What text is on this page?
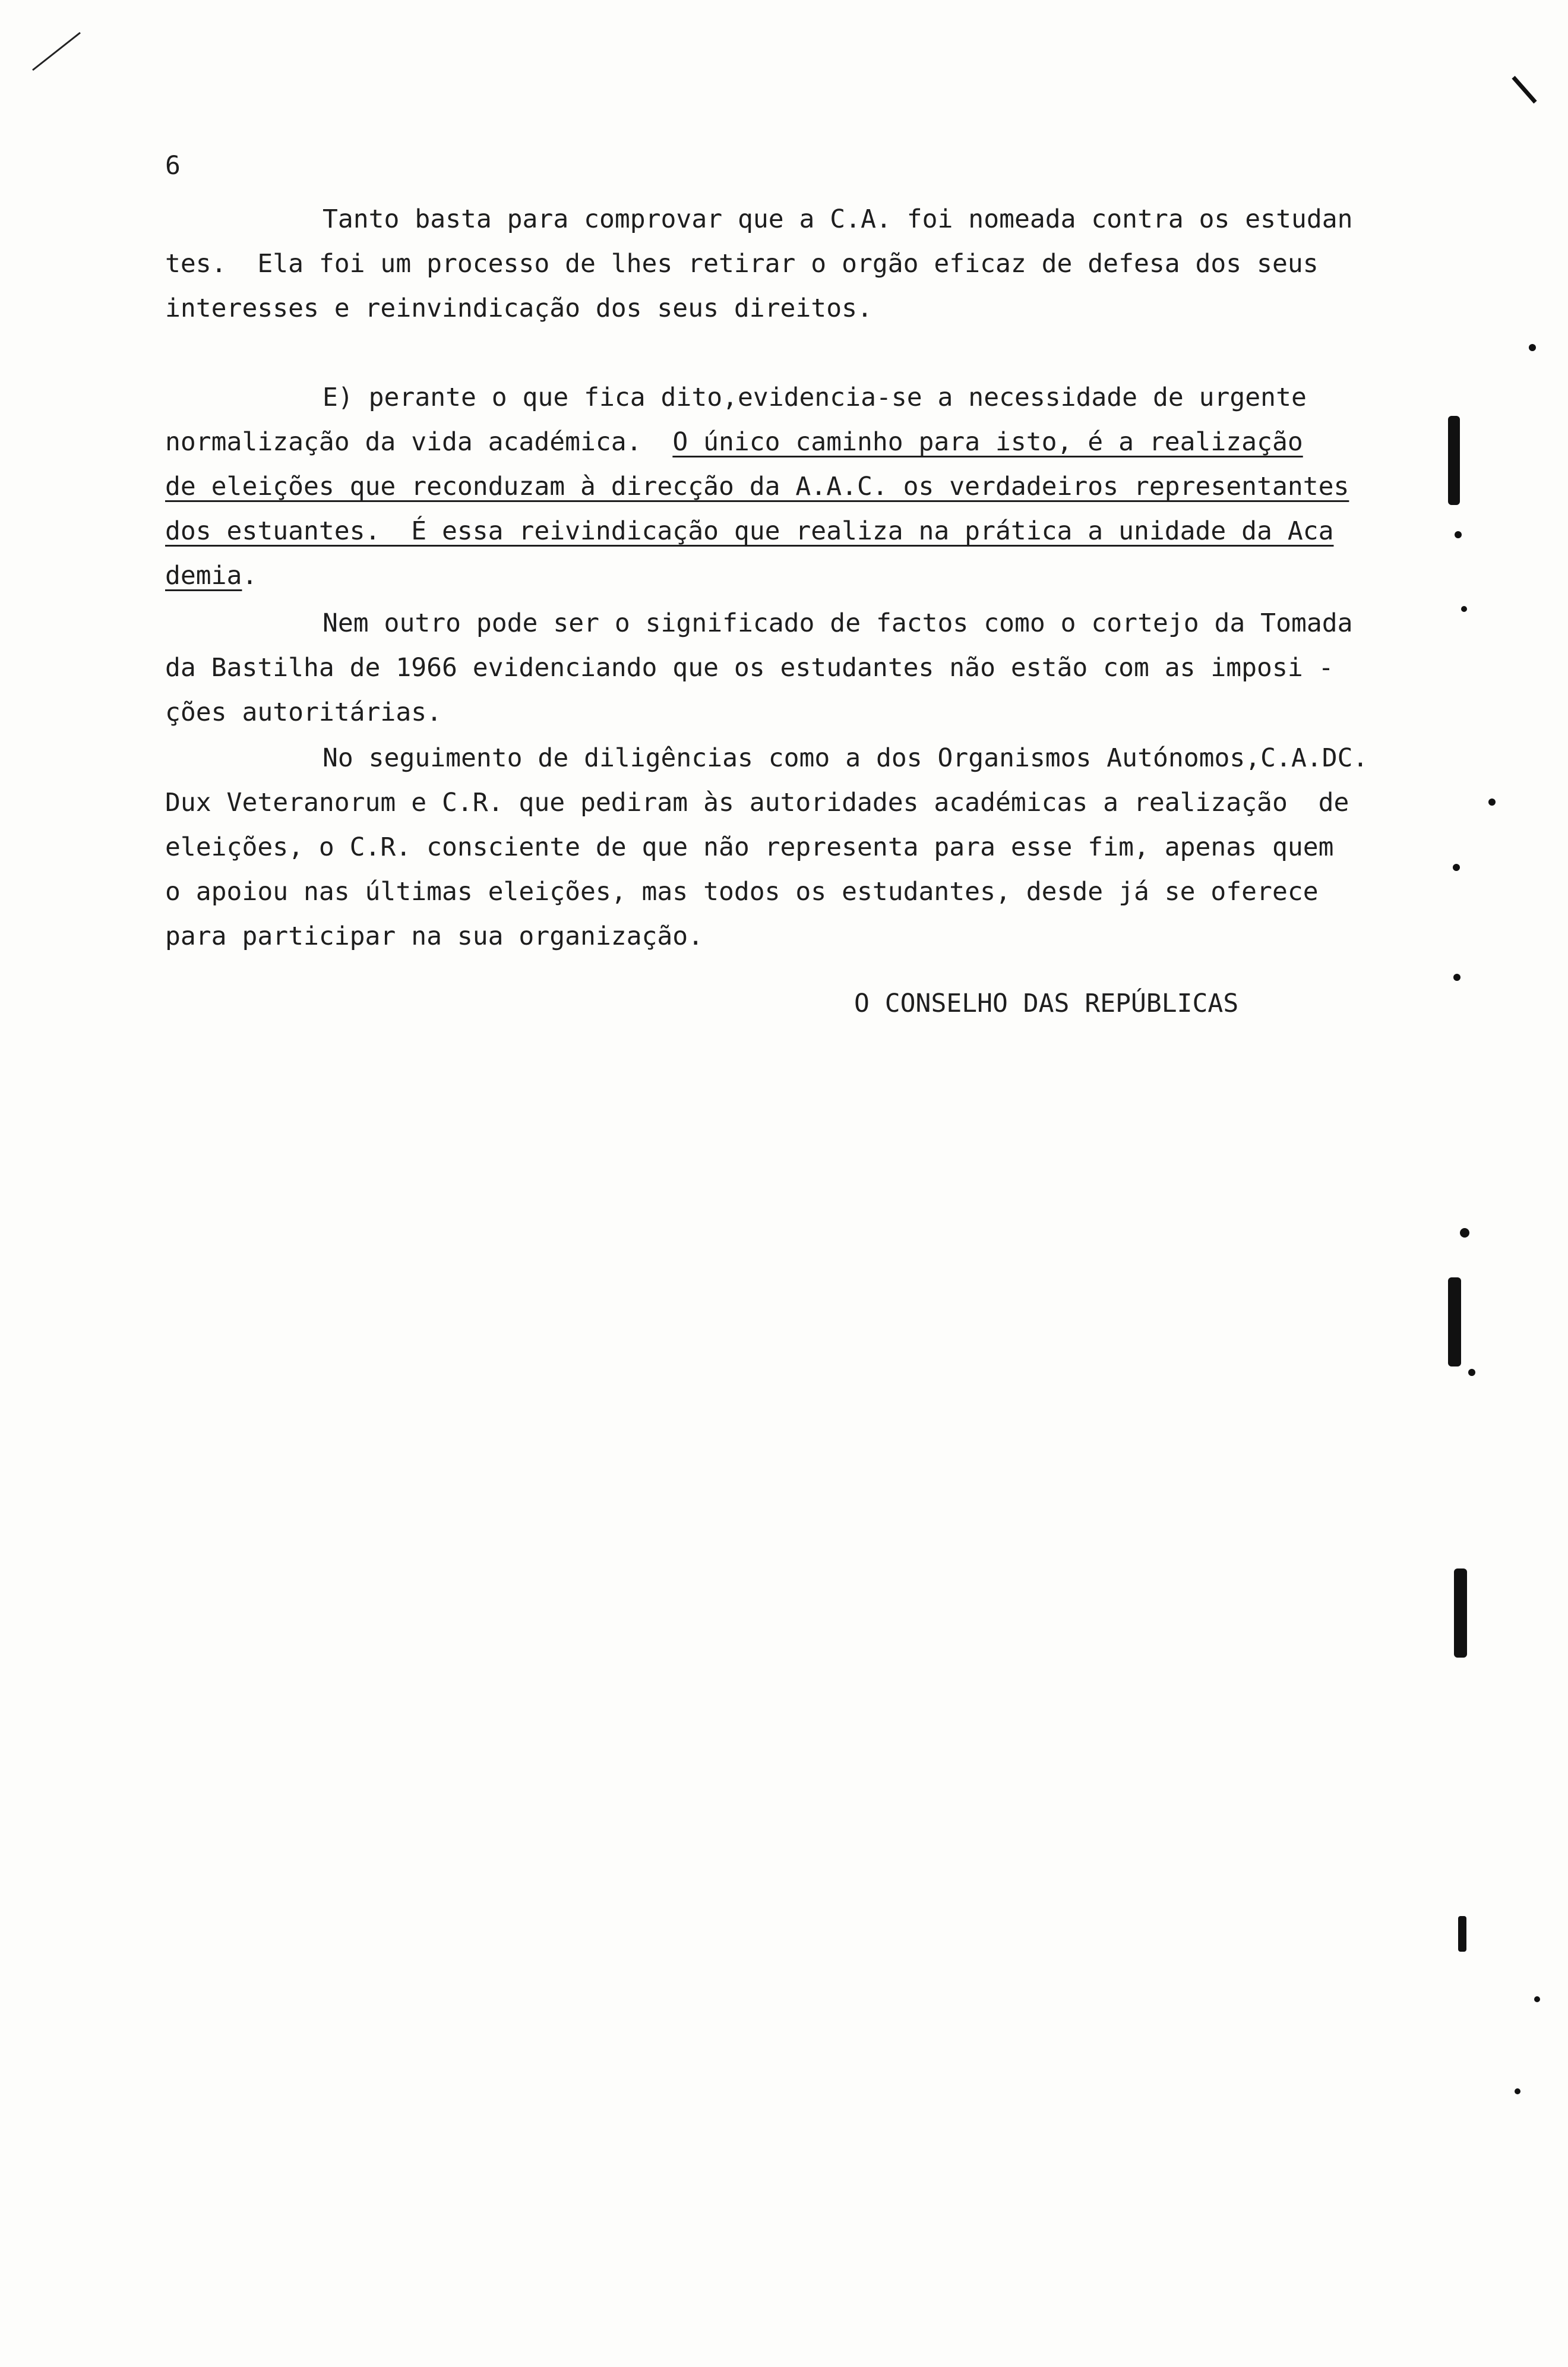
6
Tanto basta para comprovar que a C.A. foi nomeada contra os estudan
tes.  Ela foi um processo de lhes retirar o orgão eficaz de defesa dos seus
interesses e reinvindicação dos seus direitos.
E) perante o que fica dito,evidencia-se a necessidade de urgente
normalização da vida académica.  O único caminho para isto, é a realização
de eleições que reconduzam à direcção da A.A.C. os verdadeiros representantes
dos estuantes.  É essa reivindicação que realiza na prática a unidade da Aca
demia.
Nem outro pode ser o significado de factos como o cortejo da Tomada
da Bastilha de 1966 evidenciando que os estudantes não estão com as imposi -
ções autoritárias.
No seguimento de diligências como a dos Organismos Autónomos,C.A.DC.
Dux Veteranorum e C.R. que pediram às autoridades académicas a realização  de
eleições, o C.R. consciente de que não representa para esse fim, apenas quem
o apoiou nas últimas eleições, mas todos os estudantes, desde já se oferece
para participar na sua organização.
O CONSELHO DAS REPÚBLICAS
